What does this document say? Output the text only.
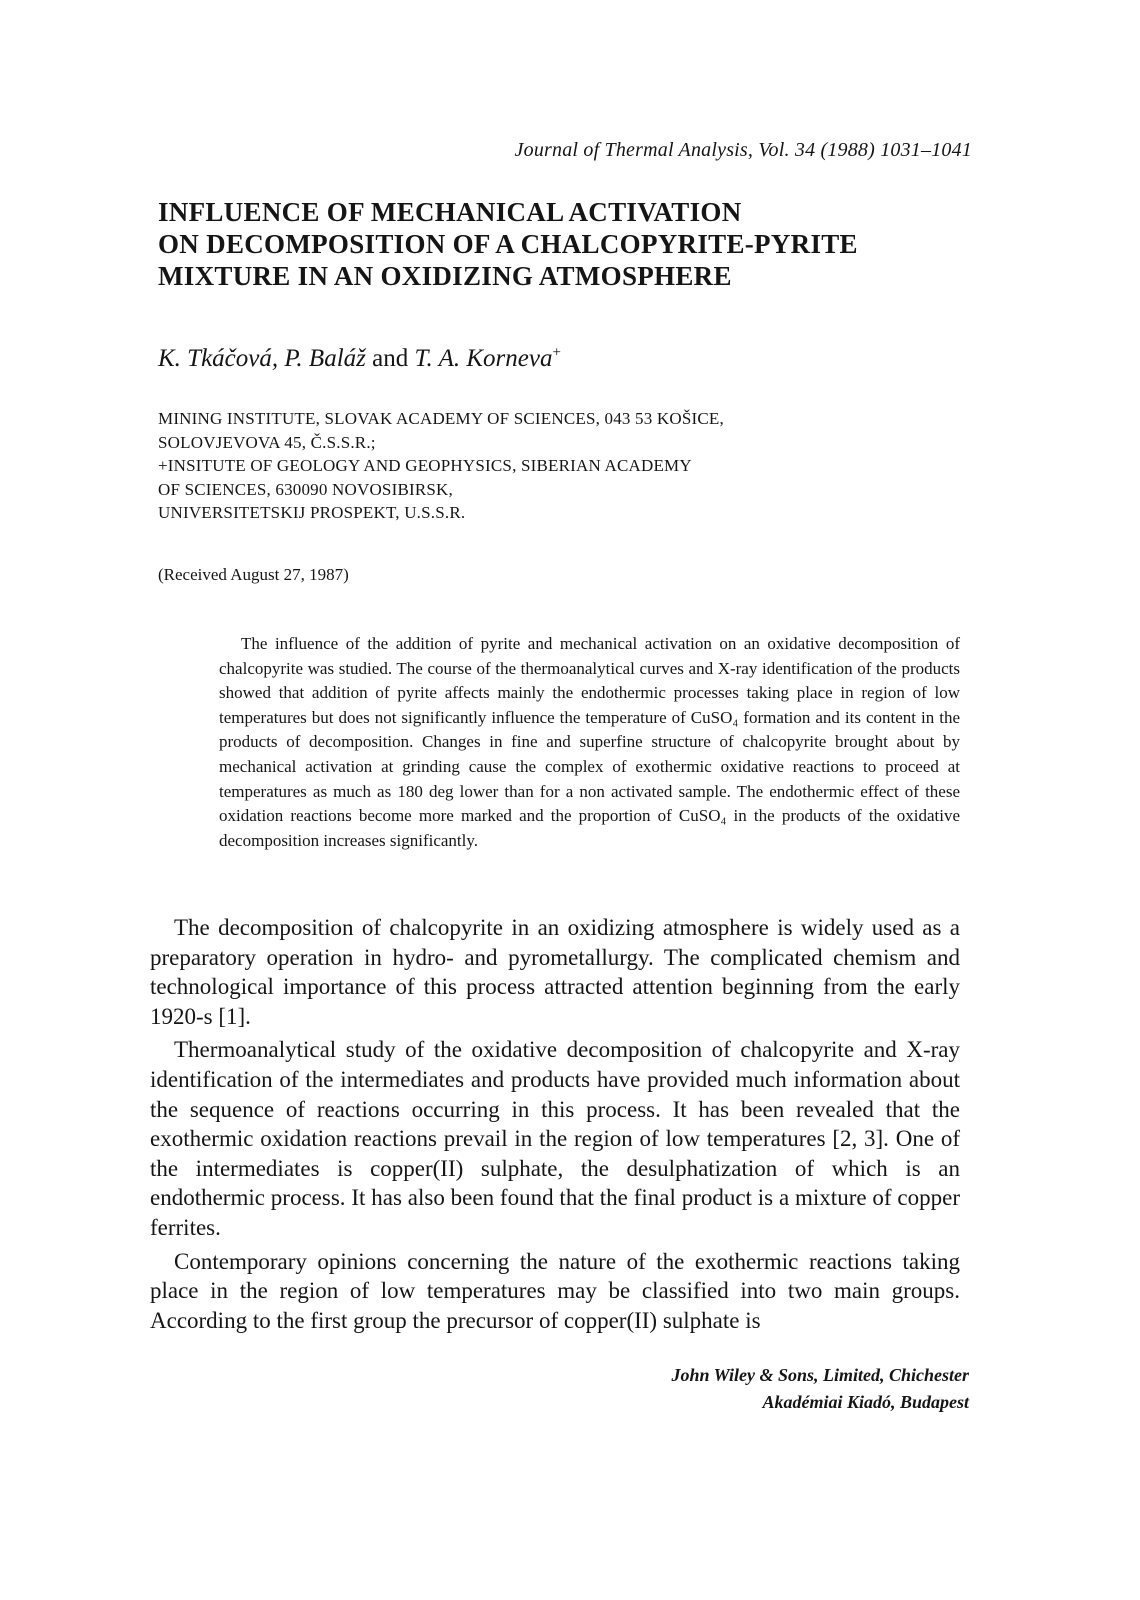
Journal of Thermal Analysis, Vol. 34 (1988) 1031–1041
INFLUENCE OF MECHANICAL ACTIVATION
ON DECOMPOSITION OF A CHALCOPYRITE-PYRITE
MIXTURE IN AN OXIDIZING ATMOSPHERE
K. Tkáčová, P. Baláž and T. A. Korneva+
MINING INSTITUTE, SLOVAK ACADEMY OF SCIENCES, 043 53 KOŠICE,
SOLOVJEVOVA 45, Č.S.S.R.;
+INSITUTE OF GEOLOGY AND GEOPHYSICS, SIBERIAN ACADEMY
OF SCIENCES, 630090 NOVOSIBIRSK,
UNIVERSITETSKIJ PROSPEKT, U.S.S.R.
(Received August 27, 1987)

The influence of the addition of pyrite and mechanical activation on an oxidative decomposition of chalcopyrite was studied. The course of the thermoanalytical curves and X-ray identification of the products showed that addition of pyrite affects mainly the endothermic processes taking place in region of low temperatures but does not significantly influence the temperature of CuSO₄ formation and its content in the products of decomposition. Changes in fine and superfine structure of chalcopyrite brought about by mechanical activation at grinding cause the complex of exothermic oxidative reactions to proceed at temperatures as much as 180 deg lower than for a non activated sample. The endothermic effect of these oxidation reactions become more marked and the proportion of CuSO₄ in the products of the oxidative decomposition increases significantly.

The decomposition of chalcopyrite in an oxidizing atmosphere is widely used as a preparatory operation in hydro- and pyrometallurgy. The complicated chemism and technological importance of this process attracted attention beginning from the early 1920-s [1].

Thermoanalytical study of the oxidative decomposition of chalcopyrite and X-ray identification of the intermediates and products have provided much information about the sequence of reactions occurring in this process. It has been revealed that the exothermic oxidation reactions prevail in the region of low temperatures [2, 3]. One of the intermediates is copper(II) sulphate, the desulphatization of which is an endothermic process. It has also been found that the final product is a mixture of copper ferrites.

Contemporary opinions concerning the nature of the exothermic reactions taking place in the region of low temperatures may be classified into two main groups. According to the first group the precursor of copper(II) sulphate is

John Wiley & Sons, Limited, Chichester
Akadémiai Kiadó, Budapest
